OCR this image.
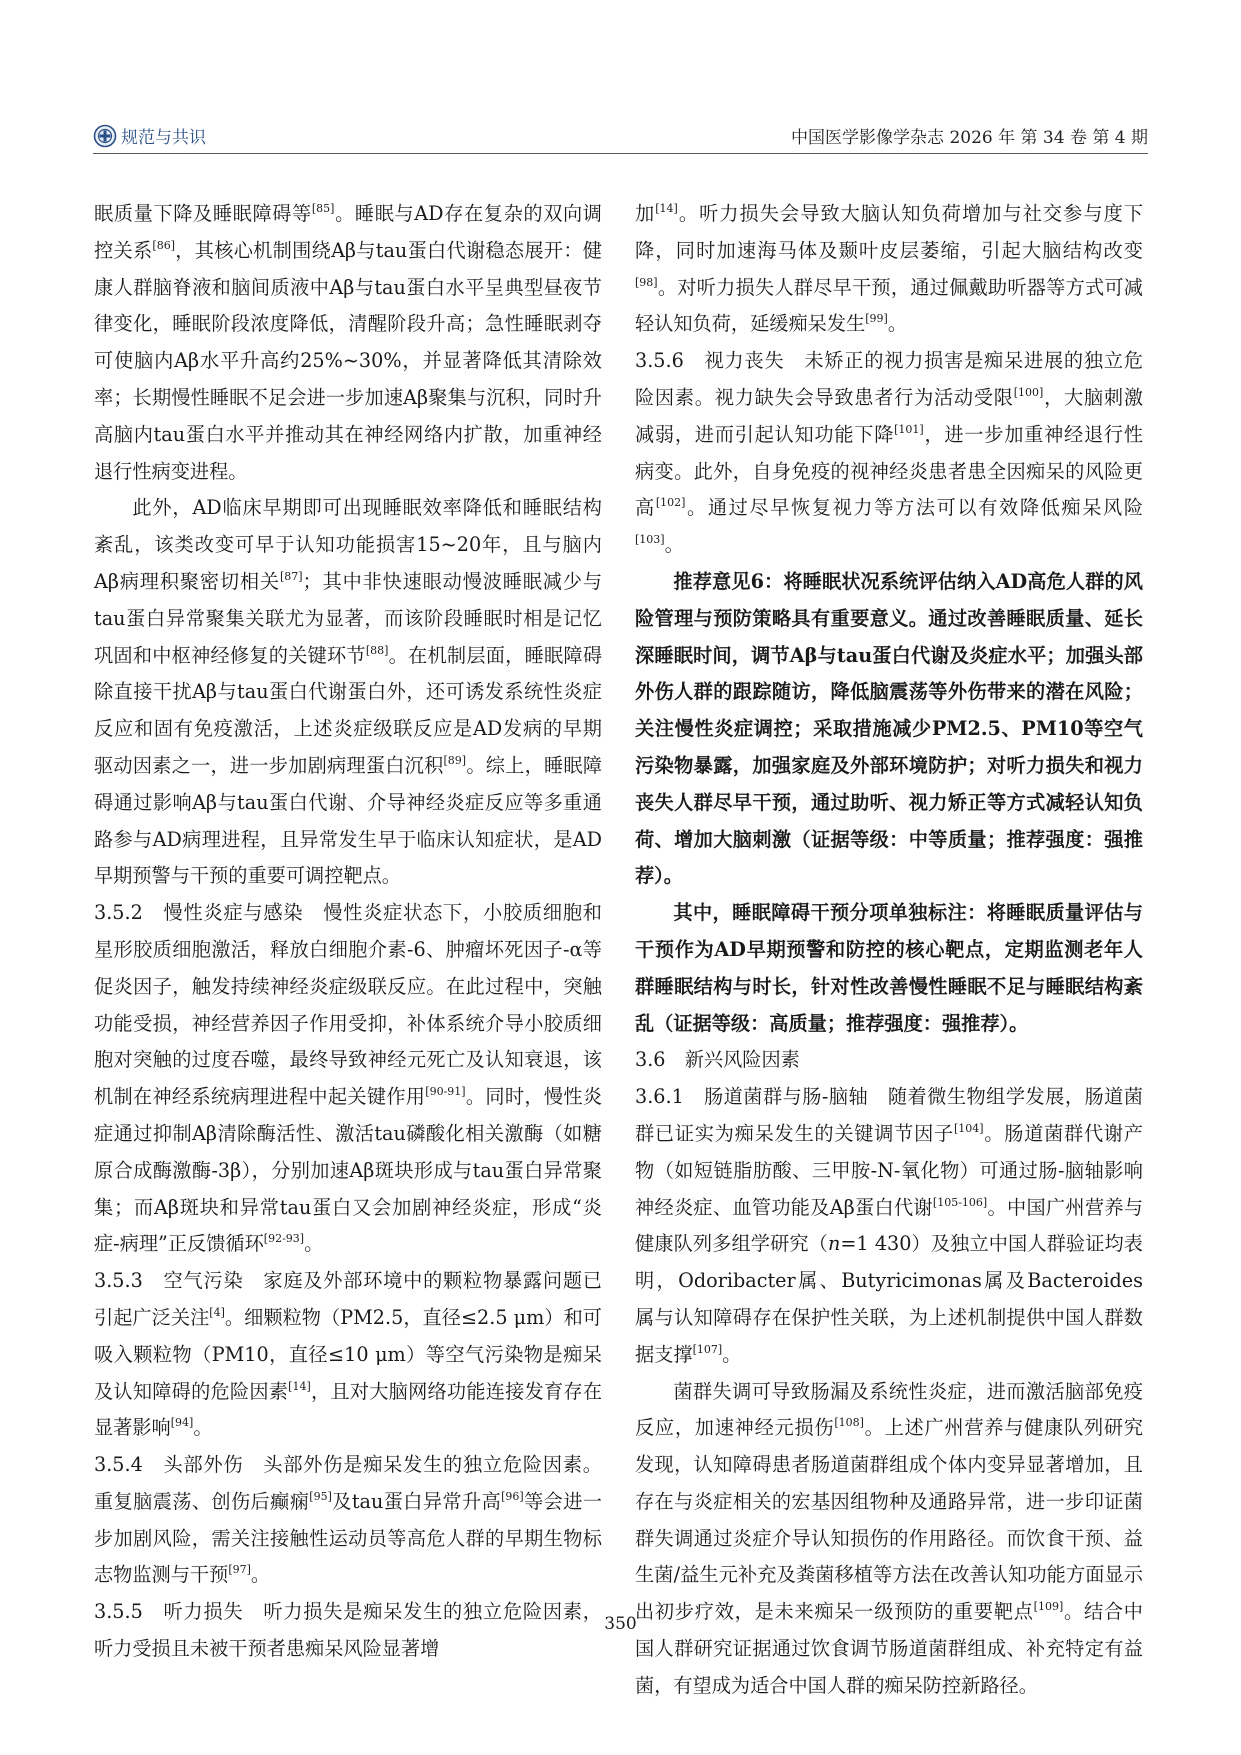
规范与共识	中国医学影像学杂志 2026 年 第 34 卷 第 4 期

眠质量下降及睡眠障碍等[85]。睡眠与AD存在复杂的双向调控关系[86]，其核心机制围绕Aβ与tau蛋白代谢稳态展开：健康人群脑脊液和脑间质液中Aβ与tau蛋白水平呈典型昼夜节律变化，睡眠阶段浓度降低，清醒阶段升高；急性睡眠剥夺可使脑内Aβ水平升高约25%~30%，并显著降低其清除效率；长期慢性睡眠不足会进一步加速Aβ聚集与沉积，同时升高脑内tau蛋白水平并推动其在神经网络内扩散，加重神经退行性病变进程。

此外，AD临床早期即可出现睡眠效率降低和睡眠结构紊乱，该类改变可早于认知功能损害15~20年，且与脑内Aβ病理积聚密切相关[87]；其中非快速眼动慢波睡眠减少与tau蛋白异常聚集关联尤为显著，而该阶段睡眠时相是记忆巩固和中枢神经修复的关键环节[88]。在机制层面，睡眠障碍除直接干扰Aβ与tau蛋白代谢蛋白外，还可诱发系统性炎症反应和固有免疫激活，上述炎症级联反应是AD发病的早期驱动因素之一，进一步加剧病理蛋白沉积[89]。综上，睡眠障碍通过影响Aβ与tau蛋白代谢、介导神经炎症反应等多重通路参与AD病理进程，且异常发生早于临床认知症状，是AD早期预警与干预的重要可调控靶点。

3.5.2　慢性炎症与感染　慢性炎症状态下，小胶质细胞和星形胶质细胞激活，释放白细胞介素-6、肿瘤坏死因子-α等促炎因子，触发持续神经炎症级联反应。在此过程中，突触功能受损，神经营养因子作用受抑，补体系统介导小胶质细胞对突触的过度吞噬，最终导致神经元死亡及认知衰退，该机制在神经系统病理进程中起关键作用[90-91]。同时，慢性炎症通过抑制Aβ清除酶活性、激活tau磷酸化相关激酶（如糖原合成酶激酶-3β），分别加速Aβ斑块形成与tau蛋白异常聚集；而Aβ斑块和异常tau蛋白又会加剧神经炎症，形成“炎症-病理”正反馈循环[92-93]。

3.5.3　空气污染　家庭及外部环境中的颗粒物暴露问题已引起广泛关注[4]。细颗粒物（PM2.5，直径≤2.5 μm）和可吸入颗粒物（PM10，直径≤10 μm）等空气污染物是痴呆及认知障碍的危险因素[14]，且对大脑网络功能连接发育存在显著影响[94]。

3.5.4　头部外伤　头部外伤是痴呆发生的独立危险因素。重复脑震荡、创伤后癫痫[95]及tau蛋白异常升高[96]等会进一步加剧风险，需关注接触性运动员等高危人群的早期生物标志物监测与干预[97]。

3.5.5　听力损失　听力损失是痴呆发生的独立危险因素，听力受损且未被干预者患痴呆风险显著增

加[14]。听力损失会导致大脑认知负荷增加与社交参与度下降，同时加速海马体及颞叶皮层萎缩，引起大脑结构改变[98]。对听力损失人群尽早干预，通过佩戴助听器等方式可减轻认知负荷，延缓痴呆发生[99]。

3.5.6　视力丧失　未矫正的视力损害是痴呆进展的独立危险因素。视力缺失会导致患者行为活动受限[100]，大脑刺激减弱，进而引起认知功能下降[101]，进一步加重神经退行性病变。此外，自身免疫的视神经炎患者患全因痴呆的风险更高[102]。通过尽早恢复视力等方法可以有效降低痴呆风险[103]。

推荐意见6：将睡眠状况系统评估纳入AD高危人群的风险管理与预防策略具有重要意义。通过改善睡眠质量、延长深睡眠时间，调节Aβ与tau蛋白代谢及炎症水平；加强头部外伤人群的跟踪随访，降低脑震荡等外伤带来的潜在风险；关注慢性炎症调控；采取措施减少PM2.5、PM10等空气污染物暴露，加强家庭及外部环境防护；对听力损失和视力丧失人群尽早干预，通过助听、视力矫正等方式减轻认知负荷、增加大脑刺激（证据等级：中等质量；推荐强度：强推荐）。

其中，睡眠障碍干预分项单独标注：将睡眠质量评估与干预作为AD早期预警和防控的核心靶点，定期监测老年人群睡眠结构与时长，针对性改善慢性睡眠不足与睡眠结构紊乱（证据等级：高质量；推荐强度：强推荐）。

3.6　新兴风险因素

3.6.1　肠道菌群与肠-脑轴　随着微生物组学发展，肠道菌群已证实为痴呆发生的关键调节因子[104]。肠道菌群代谢产物（如短链脂肪酸、三甲胺-N-氧化物）可通过肠-脑轴影响神经炎症、血管功能及Aβ蛋白代谢[105-106]。中国广州营养与健康队列多组学研究（n=1 430）及独立中国人群验证均表明，Odoribacter属、Butyricimonas属及Bacteroides属与认知障碍存在保护性关联，为上述机制提供中国人群数据支撑[107]。

菌群失调可导致肠漏及系统性炎症，进而激活脑部免疫反应，加速神经元损伤[108]。上述广州营养与健康队列研究发现，认知障碍患者肠道菌群组成个体内变异显著增加，且存在与炎症相关的宏基因组物种及通路异常，进一步印证菌群失调通过炎症介导认知损伤的作用路径。而饮食干预、益生菌/益生元补充及粪菌移植等方法在改善认知功能方面显示出初步疗效，是未来痴呆一级预防的重要靶点[109]。结合中国人群研究证据通过饮食调节肠道菌群组成、补充特定有益菌，有望成为适合中国人群的痴呆防控新路径。

350
